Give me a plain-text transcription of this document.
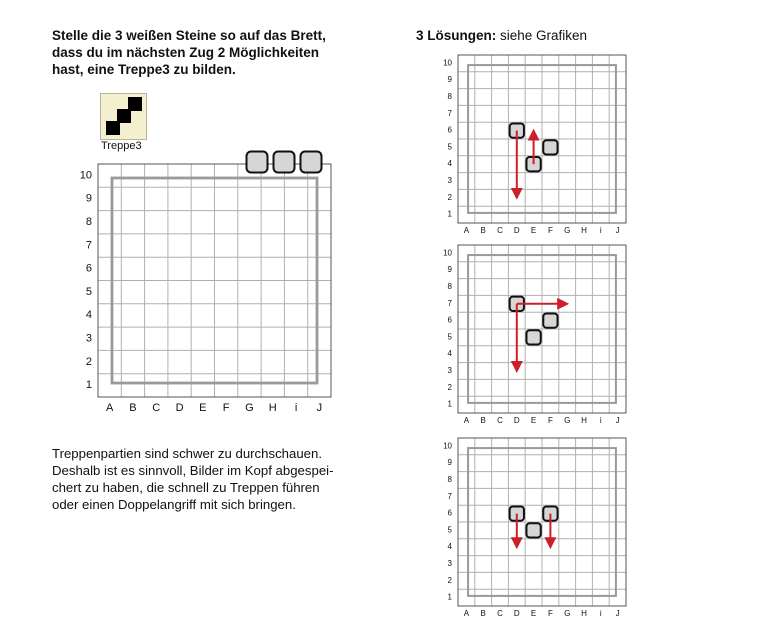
Stelle die 3 weißen Steine so auf das Brett,
dass du im nächsten Zug 2 Möglichkeiten
hast, eine Treppe3 zu bilden.
3 Lösungen: siehe Grafiken
Treppe3
Treppenpartien sind schwer zu durchschauen.
Deshalb ist es sinnvoll, Bilder im Kopf abgespei-
chert zu haben, die schnell zu Treppen führen
oder einen Doppelangriff mit sich bringen.
10
9
8
7
6
5
4
3
2
1
A B C D E F G H i J
10
9
8
7
6
5
4
3
2
1
A B C D E F G H i J
10
9
8
7
6
5
4
3
2
1
A B C D E F G H i J
10
9
8
7
6
5
4
3
2
1
A B C D E F G H i J
